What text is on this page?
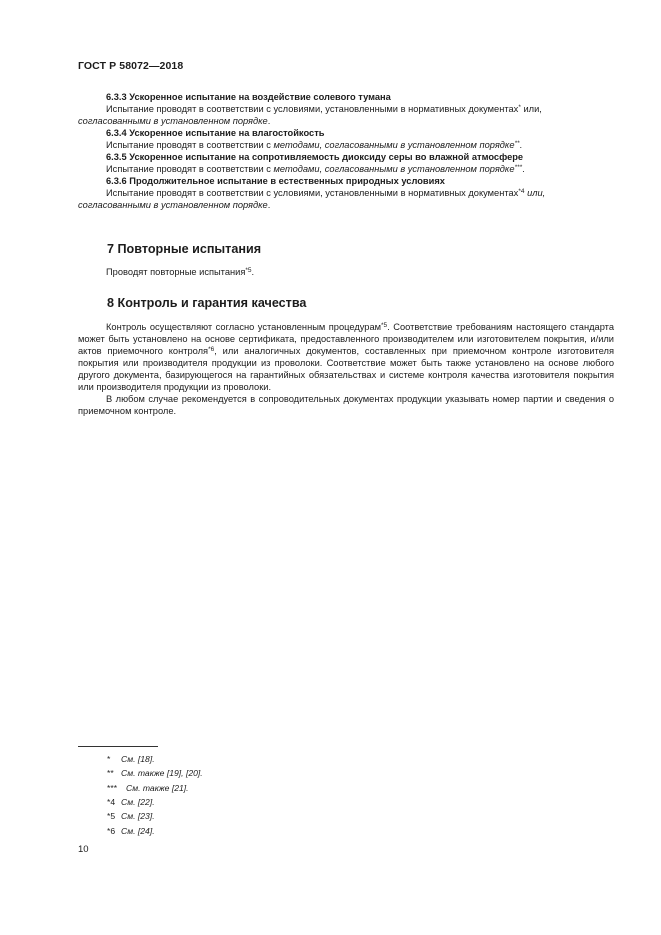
ГОСТ Р 58072—2018

6.3.3 Ускоренное испытание на воздействие солевого тумана

Испытание проводят в соответствии с условиями, установленными в нормативных документах* или, согласованными в установленном порядке.

6.3.4 Ускоренное испытание на влагостойкость

Испытание проводят в соответствии с методами, согласованными в установленном порядке**.

6.3.5 Ускоренное испытание на сопротивляемость диоксиду серы во влажной атмосфере

Испытание проводят в соответствии с методами, согласованными в установленном порядке***.

6.3.6 Продолжительное испытание в естественных природных условиях

Испытание проводят в соответствии с условиями, установленными в нормативных документах$^{*4}$ или, согласованными в установленном порядке.

7 Повторные испытания

Проводят повторные испытания$^{*5}$.

8 Контроль и гарантия качества

Контроль осуществляют согласно установленным процедурам$^{*5}$. Соответствие требованиям настоящего стандарта может быть установлено на основе сертификата, предоставленного производителем или изготовителем покрытия, и/или актов приемочного контроля$^{*6}$, или аналогичных документов, составленных при приемочном контроле изготовителя покрытия или производителя продукции из проволоки. Соответствие может быть также установлено на основе любого другого документа, базирующегося на гарантийных обязательствах и системе контроля качества изготовителя покрытия или производителя продукции из проволоки.

В любом случае рекомендуется в сопроводительных документах продукции указывать номер партии и сведения о приемочном контроле.

* См. [18].
** См. также [19], [20].
*** См. также [21].
*4 См. [22].
*5 См. [23].
*6 См. [24].
10
